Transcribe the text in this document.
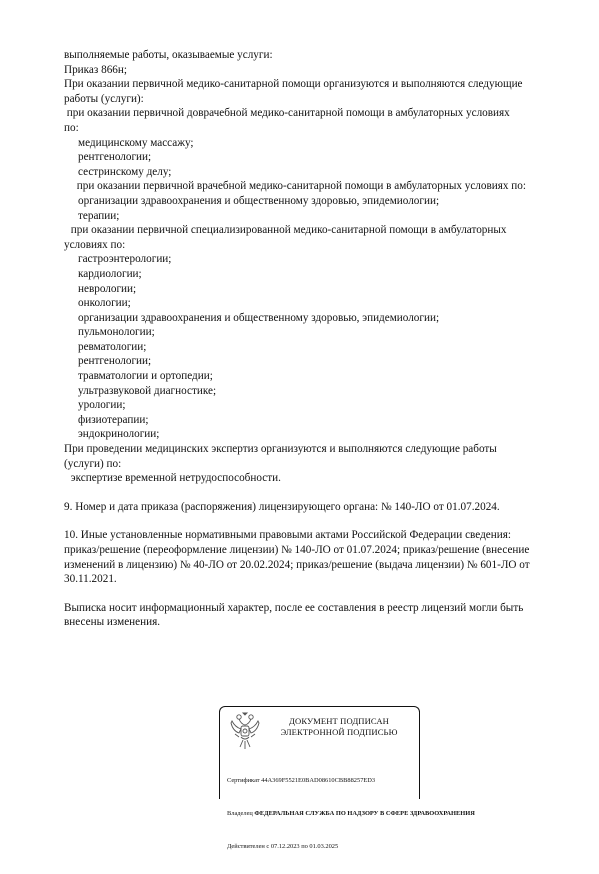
выполняемые работы, оказываемые услуги:
Приказ 866н;
При оказании первичной медико-санитарной помощи организуются и выполняются следующие
работы (услуги):
при оказании первичной доврачебной медико-санитарной помощи в амбулаторных условиях
по:
медицинскому массажу;
рентгенологии;
сестринскому делу;
при оказании первичной врачебной медико-санитарной помощи в амбулаторных условиях по:
организации здравоохранения и общественному здоровью, эпидемиологии;
терапии;
при оказании первичной специализированной медико-санитарной помощи в амбулаторных
условиях по:
гастроэнтерологии;
кардиологии;
неврологии;
онкологии;
организации здравоохранения и общественному здоровью, эпидемиологии;
пульмонологии;
ревматологии;
рентгенологии;
травматологии и ортопедии;
ультразвуковой диагностике;
урологии;
физиотерапии;
эндокринологии;
При проведении медицинских экспертиз организуются и выполняются следующие работы
(услуги) по:
экспертизе временной нетрудоспособности.
9. Номер и дата приказа (распоряжения) лицензирующего органа: № 140-ЛО от 01.07.2024.
10. Иные установленные нормативными правовыми актами Российской Федерации сведения:
приказ/решение (переоформление лицензии) № 140-ЛО от 01.07.2024; приказ/решение (внесение
изменений в лицензию) № 40-ЛО от 20.02.2024; приказ/решение (выдача лицензии) № 601-ЛО от
30.11.2021.
Выписка носит информационный характер, после ее составления в реестр лицензий могли быть
внесены изменения.
ДОКУМЕНТ ПОДПИСАН
ЭЛЕКТРОННОЙ ПОДПИСЬЮ

Сертификат 44A369F5521E0BAD08610CBB88257ED3

Владелец ФЕДЕРАЛЬНАЯ СЛУЖБА ПО НАДЗОРУ В СФЕРЕ ЗДРАВООХРАНЕНИЯ

Действителен с 07.12.2023 по 01.03.2025
